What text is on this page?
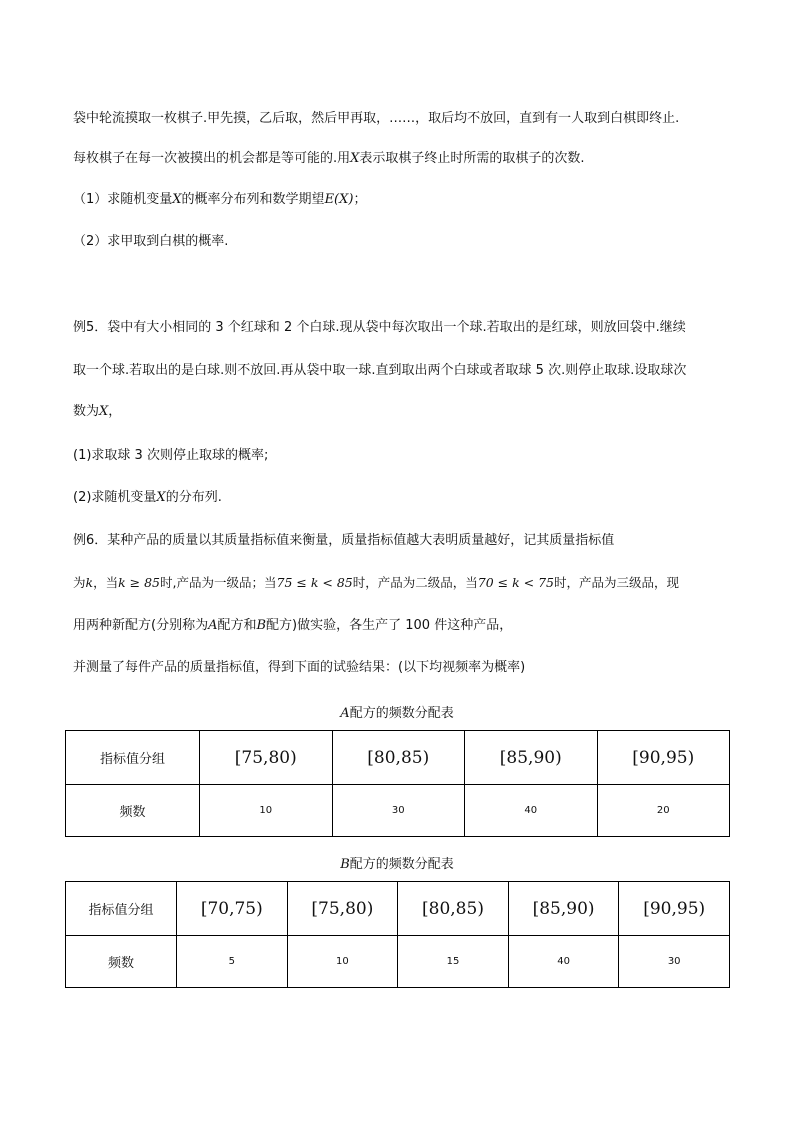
袋中轮流摸取一枚棋子.甲先摸，乙后取，然后甲再取，……，取后均不放回，直到有一人取到白棋即终止.
每枚棋子在每一次被摸出的机会都是等可能的.用X表示取棋子终止时所需的取棋子的次数.
（1）求随机变量X的概率分布列和数学期望E(X)；
（2）求甲取到白棋的概率.
例5．袋中有大小相同的 3 个红球和 2 个白球.现从袋中每次取出一个球.若取出的是红球，则放回袋中.继续
取一个球.若取出的是白球.则不放回.再从袋中取一球.直到取出两个白球或者取球 5 次.则停止取球.设取球次
数为X，
(1)求取球 3 次则停止取球的概率;
(2)求随机变量X的分布列.
例6．某种产品的质量以其质量指标值来衡量，质量指标值越大表明质量越好，记其质量指标值
为k，当k ≥ 85时,产品为一级品；当75 ≤ k < 85时，产品为二级品，当70 ≤ k < 75时，产品为三级品，现
用两种新配方(分别称为A配方和B配方)做实验，各生产了 100 件这种产品，
并测量了每件产品的质量指标值，得到下面的试验结果：(以下均视频率为概率)
A配方的频数分配表
指标值分组	[75,80)	[80,85)	[85,90)	[90,95)
频数	10	30	40	20
B配方的频数分配表
指标值分组	[70,75)	[75,80)	[80,85)	[85,90)	[90,95)
频数	5	10	15	40	30
